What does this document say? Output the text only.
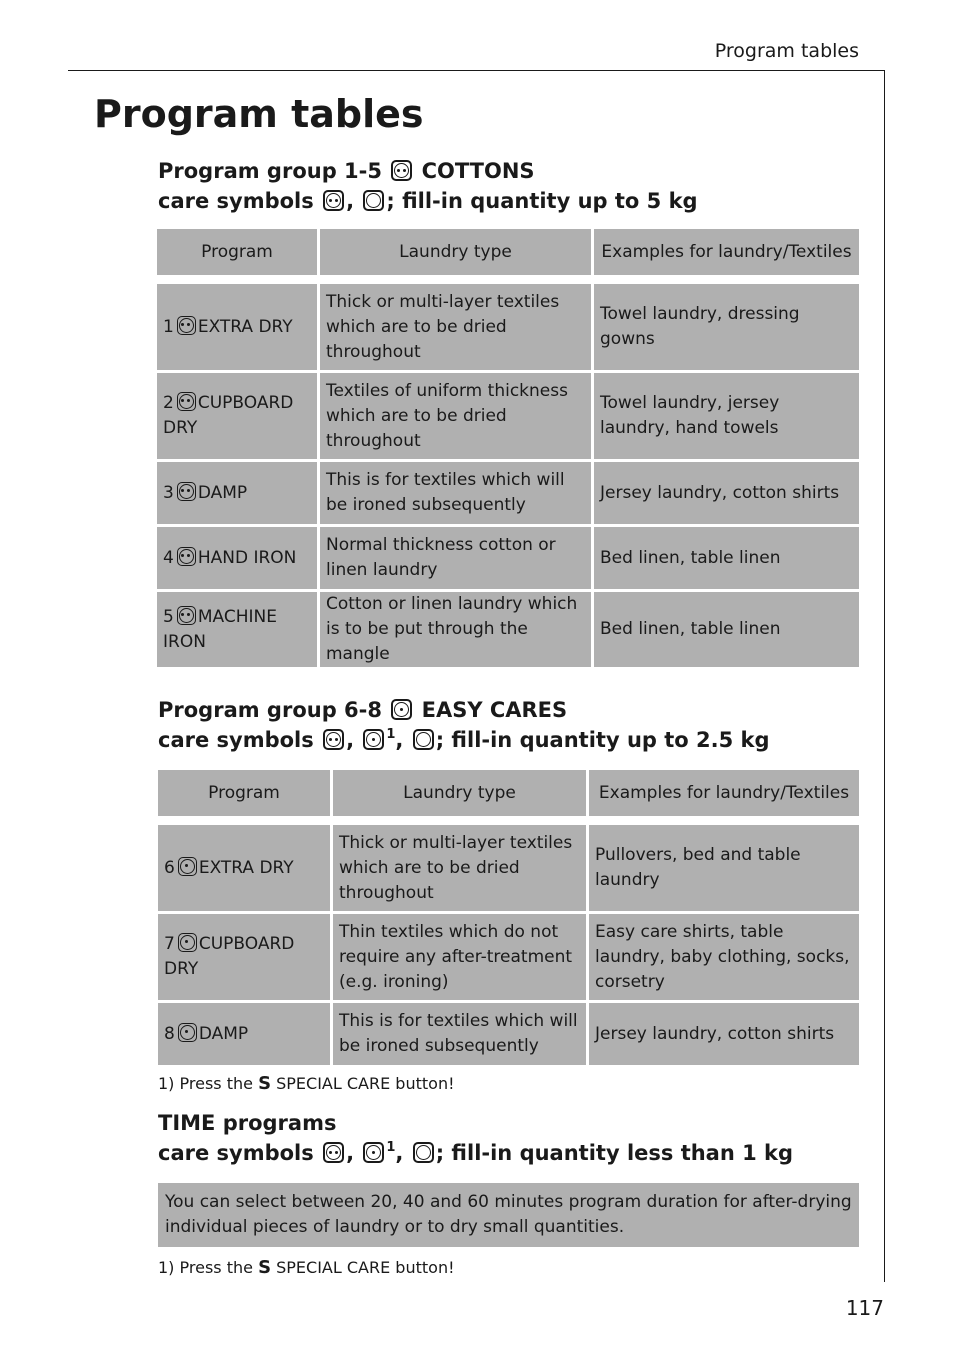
Program tables
Program tables
Program group 1-5 COTTONS
care symbols , ; fill-in quantity up to 5 kg
Program	Laundry type	Examples for laundry/Textiles

1 EXTRA DRY	Thick or multi-layer textiles which are to be dried throughout	Towel laundry, dressing gowns
2 CUPBOARD DRY	Textiles of uniform thickness which are to be dried throughout	Towel laundry, jersey laundry, hand towels
3 DAMP	This is for textiles which will be ironed subsequently	Jersey laundry, cotton shirts
4 HAND IRON	Normal thickness cotton or linen laundry	Bed linen, table linen
5 MACHINE IRON	Cotton or linen laundry which is to be put through the mangle	Bed linen, table linen
Program group 6-8 EASY CARES
care symbols , $^1$, ; fill-in quantity up to 2.5 kg
Program	Laundry type	Examples for laundry/Textiles

6 EXTRA DRY	Thick or multi-layer textiles which are to be dried throughout	Pullovers, bed and table laundry
7 CUPBOARD DRY	Thin textiles which do not require any after-treatment (e.g. ironing)	Easy care shirts, table laundry, baby clothing, socks, corsetry
8 DAMP	This is for textiles which will be ironed subsequently	Jersey laundry, cotton shirts
1) Press the S SPECIAL CARE button!
TIME programs
care symbols , $^1$, ; fill-in quantity less than 1 kg
You can select between 20, 40 and 60 minutes program duration for after-drying individual pieces of laundry or to dry small quantities.
1) Press the S SPECIAL CARE button!
117
